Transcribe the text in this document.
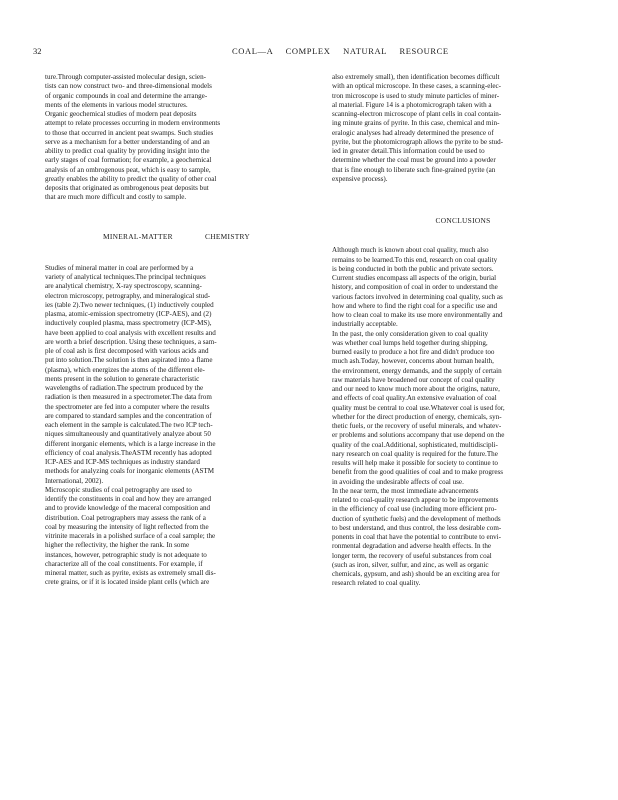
32	COAL—A COMPLEX NATURAL RESOURCE

ture.Through computer-assisted molecular design, scien-
tists can now construct two- and three-dimensional models
of organic compounds in coal and determine the arrange-
ments of the elements in various model structures.

Organic geochemical studies of modern peat deposits
attempt to relate processes occurring in modern environments
to those that occurred in ancient peat swamps. Such studies
serve as a mechanism for a better understanding of and an
ability to predict coal quality by providing insight into the
early stages of coal formation; for example, a geochemical
analysis of an ombrogenous peat, which is easy to sample,
greatly enables the ability to predict the quality of other coal
deposits that originated as ombrogenous peat deposits but
that are much more difficult and costly to sample.

MINERAL-MATTER CHEMISTRY

Studies of mineral matter in coal are performed by a
variety of analytical techniques.The principal techniques
are analytical chemistry, X-ray spectroscopy, scanning-
electron microscopy, petrography, and mineralogical stud-
ies (table 2).Two newer techniques, (1) inductively coupled
plasma, atomic-emission spectrometry (ICP-AES), and (2)
inductively coupled plasma, mass spectrometry (ICP-MS),
have been applied to coal analysis with excellent results and
are worth a brief description. Using these techniques, a sam-
ple of coal ash is first decomposed with various acids and
put into solution.The solution is then aspirated into a flame
(plasma), which energizes the atoms of the different ele-
ments present in the solution to generate characteristic
wavelengths of radiation.The spectrum produced by the
radiation is then measured in a spectrometer.The data from
the spectrometer are fed into a computer where the results
are compared to standard samples and the concentration of
each element in the sample is calculated.The two ICP tech-
niques simultaneously and quantitatively analyze about 50
different inorganic elements, which is a large increase in the
efficiency of coal analysis.TheASTM recently has adopted
ICP-AES and ICP-MS techniques as industry standard
methods for analyzing coals for inorganic elements (ASTM
International, 2002).

Microscopic studies of coal petrography are used to
identify the constituents in coal and how they are arranged
and to provide knowledge of the maceral composition and
distribution. Coal petrographers may assess the rank of a
coal by measuring the intensity of light reflected from the
vitrinite macerals in a polished surface of a coal sample; the
higher the reflectivity, the higher the rank. In some
instances, however, petrographic study is not adequate to
characterize all of the coal constituents. For example, if
mineral matter, such as pyrite, exists as extremely small dis-
crete grains, or if it is located inside plant cells (which are

also extremely small), then identification becomes difficult
with an optical microscope. In these cases, a scanning-elec-
tron microscope is used to study minute particles of miner-
al material. Figure 14 is a photomicrograph taken with a
scanning-electron microscope of plant cells in coal contain-
ing minute grains of pyrite. In this case, chemical and min-
eralogic analyses had already determined the presence of
pyrite, but the photomicrograph allows the pyrite to be stud-
ied in greater detail.This information could be used to
determine whether the coal must be ground into a powder
that is fine enough to liberate such fine-grained pyrite (an
expensive process).

CONCLUSIONS

Although much is known about coal quality, much also
remains to be learned.To this end, research on coal quality
is being conducted in both the public and private sectors.
Current studies encompass all aspects of the origin, burial
history, and composition of coal in order to understand the
various factors involved in determining coal quality, such as
how and where to find the right coal for a specific use and
how to clean coal to make its use more environmentally and
industrially acceptable.

In the past, the only consideration given to coal quality
was whether coal lumps held together during shipping,
burned easily to produce a hot fire and didn't produce too
much ash.Today, however, concerns about human health,
the environment, energy demands, and the supply of certain
raw materials have broadened our concept of coal quality
and our need to know much more about the origins, nature,
and effects of coal quality.An extensive evaluation of coal
quality must be central to coal use.Whatever coal is used for,
whether for the direct production of energy, chemicals, syn-
thetic fuels, or the recovery of useful minerals, and whatev-
er problems and solutions accompany that use depend on the
quality of the coal.Additional, sophisticated, multidiscipli-
nary research on coal quality is required for the future.The
results will help make it possible for society to continue to
benefit from the good qualities of coal and to make progress
in avoiding the undesirable affects of coal use.

In the near term, the most immediate advancements
related to coal-quality research appear to be improvements
in the efficiency of coal use (including more efficient pro-
duction of synthetic fuels) and the development of methods
to best understand, and thus control, the less desirable com-
ponents in coal that have the potential to contribute to envi-
ronmental degradation and adverse health effects. In the
longer term, the recovery of useful substances from coal
(such as iron, silver, sulfur, and zinc, as well as organic
chemicals, gypsum, and ash) should be an exciting area for
research related to coal quality.
